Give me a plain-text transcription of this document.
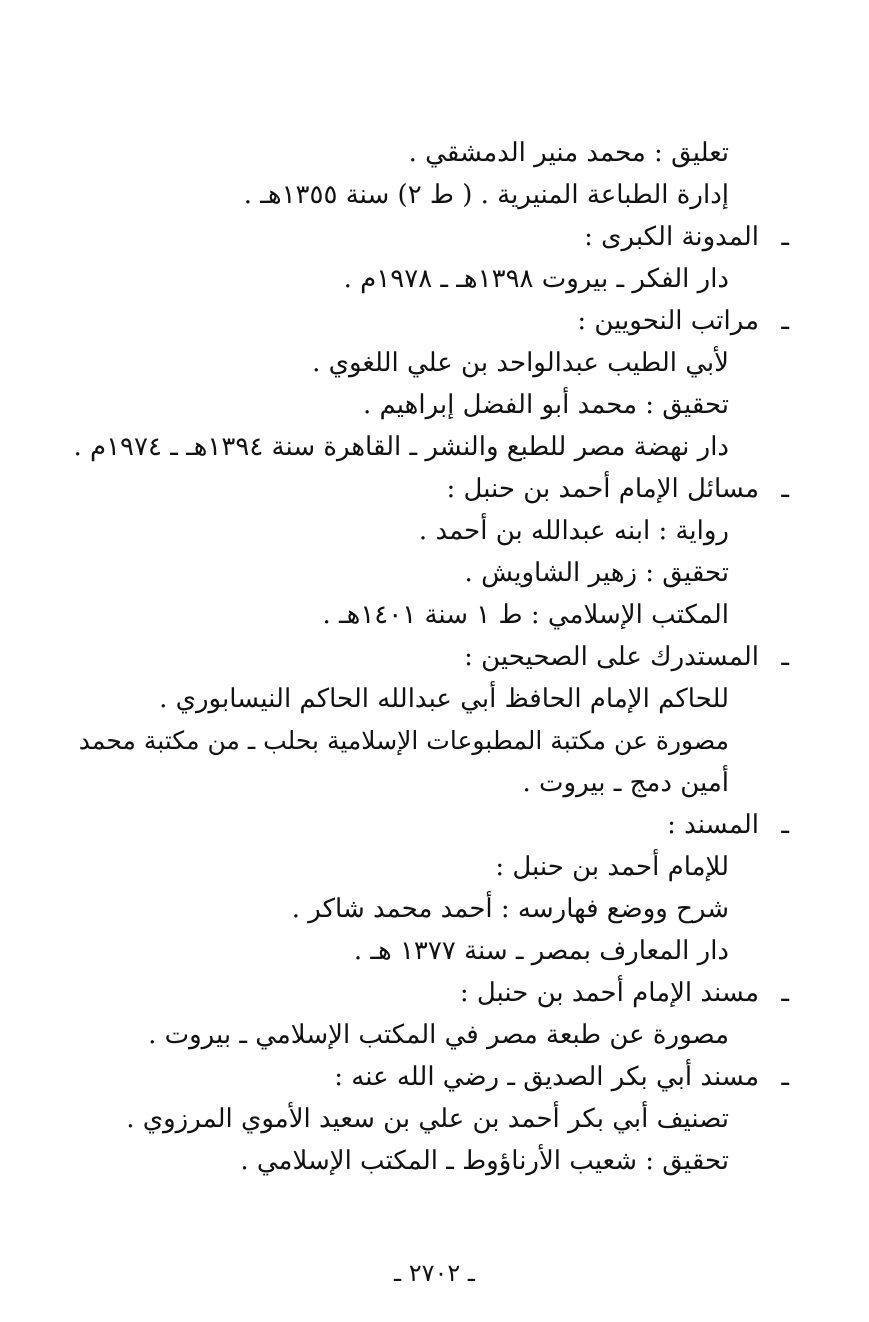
تعليق : محمد منير الدمشقي .
إدارة الطباعة المنيرية . ( ط ٢) سنة ١٣٥٥هـ .
ـ
المدونة الكبرى :
دار الفكر ـ بيروت ١٣٩٨هـ ـ ١٩٧٨م .
ـ
مراتب النحويين :
لأبي الطيب عبدالواحد بن علي اللغوي .
تحقيق : محمد أبو الفضل إبراهيم .
دار نهضة مصر للطبع والنشر ـ القاهرة سنة ١٣٩٤هـ ـ ١٩٧٤م .
ـ
مسائل الإمام أحمد بن حنبل :
رواية : ابنه عبدالله بن أحمد .
تحقيق : زهير الشاويش .
المكتب الإسلامي : ط ١ سنة ١٤٠١هـ .
ـ
المستدرك على الصحيحين :
للحاكم الإمام الحافظ أبي عبدالله الحاكم النيسابوري .
مصورة عن مكتبة المطبوعات الإسلامية بحلب ـ من مكتبة محمد
أمين دمج ـ بيروت .
ـ
المسند :
للإمام أحمد بن حنبل :
شرح ووضع فهارسه : أحمد محمد شاكر .
دار المعارف بمصر ـ سنة ١٣٧٧ هـ .
ـ
مسند الإمام أحمد بن حنبل :
مصورة عن طبعة مصر في المكتب الإسلامي ـ بيروت .
ـ
مسند أبي بكر الصديق ـ رضي الله عنه :
تصنيف أبي بكر أحمد بن علي بن سعيد الأموي المرزوي .
تحقيق : شعيب الأرناؤوط ـ المكتب الإسلامي .
ـ ٢٧٠٢ ـ
